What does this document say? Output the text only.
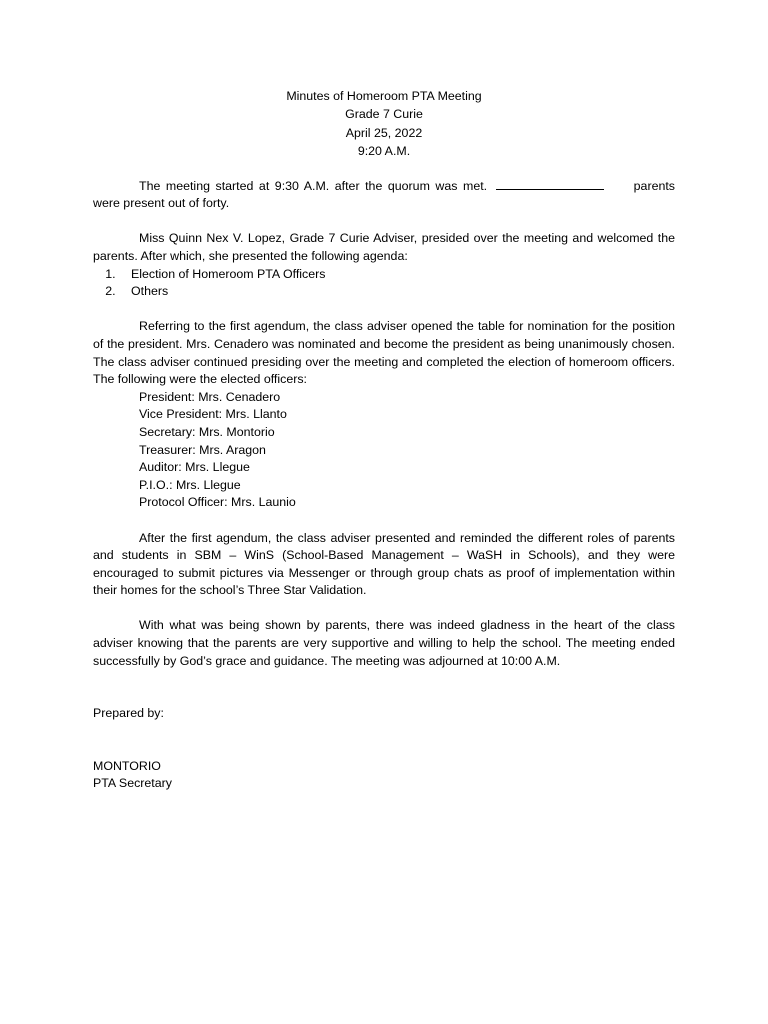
Minutes of Homeroom PTA Meeting
Grade 7 Curie
April 25, 2022
9:20 A.M.

The meeting started at 9:30 A.M. after the quorum was met.	parents were present out of forty.

Miss Quinn Nex V. Lopez, Grade 7 Curie Adviser, presided over the meeting and welcomed the parents. After which, she presented the following agenda:

1. Election of Homeroom PTA Officers
2. Others

Referring to the first agendum, the class adviser opened the table for nomination for the position of the president. Mrs. Cenadero was nominated and become the president as being unanimously chosen. The class adviser continued presiding over the meeting and completed the election of homeroom officers. The following were the elected officers:

President: Mrs. Cenadero
Vice President: Mrs. Llanto
Secretary: Mrs. Montorio
Treasurer: Mrs. Aragon
Auditor: Mrs. Llegue
P.I.O.: Mrs. Llegue
Protocol Officer: Mrs. Launio

After the first agendum, the class adviser presented and reminded the different roles of parents and students in SBM – WinS (School-Based Management – WaSH in Schools), and they were encouraged to submit pictures via Messenger or through group chats as proof of implementation within their homes for the school’s Three Star Validation.

With what was being shown by parents, there was indeed gladness in the heart of the class adviser knowing that the parents are very supportive and willing to help the school. The meeting ended successfully by God’s grace and guidance. The meeting was adjourned at 10:00 A.M.

Prepared by:
MONTORIO
PTA Secretary
